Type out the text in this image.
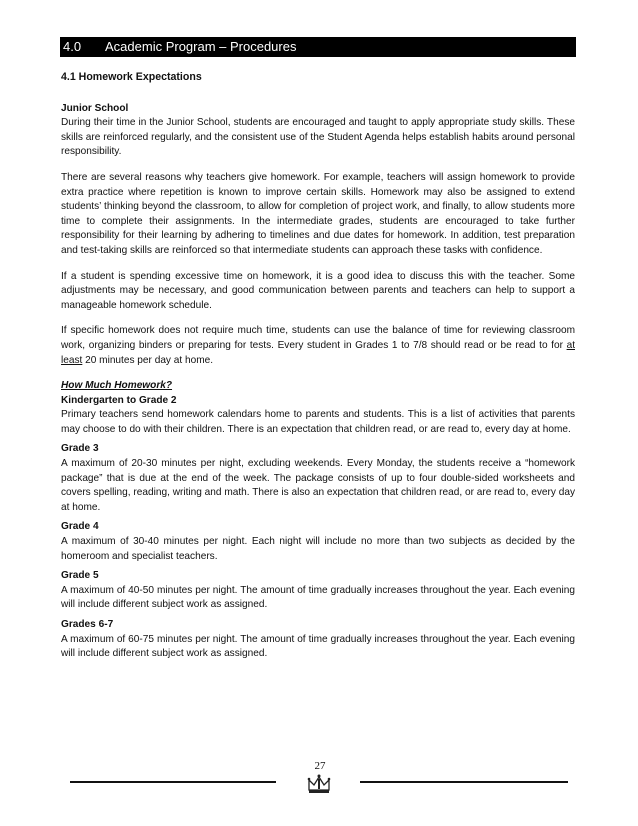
4.0 Academic Program – Procedures
4.1 Homework Expectations
Junior School
During their time in the Junior School, students are encouraged and taught to apply appropriate study skills. These skills are reinforced regularly, and the consistent use of the Student Agenda helps establish habits around personal responsibility.
There are several reasons why teachers give homework. For example, teachers will assign homework to provide extra practice where repetition is known to improve certain skills. Homework may also be assigned to extend students’ thinking beyond the classroom, to allow for completion of project work, and finally, to allow students more time to complete their assignments. In the intermediate grades, students are encouraged to take further responsibility for their learning by adhering to timelines and due dates for homework. In addition, test preparation and test-taking skills are reinforced so that intermediate students can approach these tasks with confidence.
If a student is spending excessive time on homework, it is a good idea to discuss this with the teacher. Some adjustments may be necessary, and good communication between parents and teachers can help to support a manageable homework schedule.
If specific homework does not require much time, students can use the balance of time for reviewing classroom work, organizing binders or preparing for tests. Every student in Grades 1 to 7/8 should read or be read to for at least 20 minutes per day at home.
How Much Homework?
Kindergarten to Grade 2
Primary teachers send homework calendars home to parents and students. This is a list of activities that parents may choose to do with their children. There is an expectation that children read, or are read to, every day at home.
Grade 3
A maximum of 20-30 minutes per night, excluding weekends. Every Monday, the students receive a “homework package” that is due at the end of the week. The package consists of up to four double-sided worksheets and covers spelling, reading, writing and math. There is also an expectation that children read, or are read to, every day at home.
Grade 4
A maximum of 30-40 minutes per night. Each night will include no more than two subjects as decided by the homeroom and specialist teachers.
Grade 5
A maximum of 40-50 minutes per night. The amount of time gradually increases throughout the year. Each evening will include different subject work as assigned.
Grades 6-7
A maximum of 60-75 minutes per night. The amount of time gradually increases throughout the year. Each evening will include different subject work as assigned.
27
